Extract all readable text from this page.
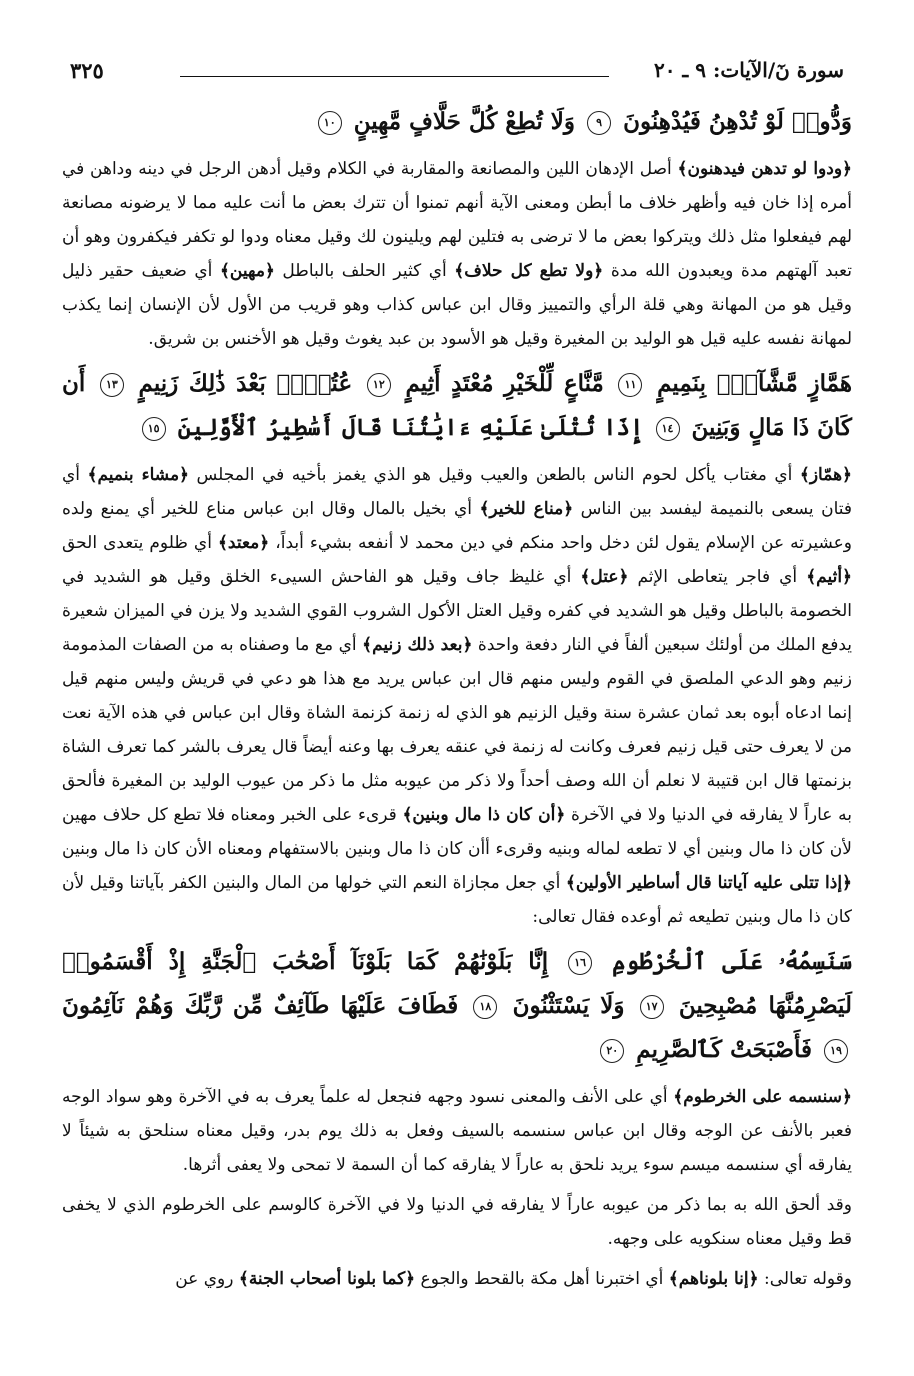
سورة نٓ/الآيات: ٩ ـ ٢٠
٣٢٥

وَدُّوا۟ لَوْ تُدْهِنُ فَيُدْهِنُونَ ٩ وَلَا تُطِعْ كُلَّ حَلَّافٍ مَّهِينٍ ١٠

﴿ودوا لو تدهن فيدهنون﴾ أصل الإدهان اللين والمصانعة والمقاربة في الكلام وقيل أدهن الرجل في دينه وداهن في أمره إذا خان فيه وأظهر خلاف ما أبطن ومعنى الآية أنهم تمنوا أن تترك بعض ما أنت عليه مما لا يرضونه مصانعة لهم فيفعلوا مثل ذلك ويتركوا بعض ما لا ترضى به فتلين لهم ويلينون لك وقيل معناه ودوا لو تكفر فيكفرون وهو أن تعبد آلهتهم مدة ويعبدون الله مدة ﴿ولا تطع كل حلاف﴾ أي كثير الحلف بالباطل ﴿مهين﴾ أي ضعيف حقير ذليل وقيل هو من المهانة وهي قلة الرأي والتمييز وقال ابن عباس كذاب وهو قريب من الأول لأن الإنسان إنما يكذب لمهانة نفسه عليه قيل هو الوليد بن المغيرة وقيل هو الأسود بن عبد يغوث وقيل هو الأخنس بن شريق.

هَمَّازٍ مَّشَّآءٍۭ بِنَمِيمٍ ١١ مَّنَّاعٍ لِّلْخَيْرِ مُعْتَدٍ أَثِيمٍ ١٢ عُتُلٍّۭ بَعْدَ ذَٰلِكَ زَنِيمٍ ١٣ أَن كَانَ ذَا مَالٍ وَبَنِينَ ١٤ إِذَا تُتْلَىٰ عَلَيْهِ ءَايَٰتُنَا قَالَ أَسَٰطِيرُ ٱلْأَوَّلِينَ ١٥

﴿همّاز﴾ أي مغتاب يأكل لحوم الناس بالطعن والعيب وقيل هو الذي يغمز بأخيه في المجلس ﴿مشاء بنميم﴾ أي فتان يسعى بالنميمة ليفسد بين الناس ﴿مناع للخير﴾ أي بخيل بالمال وقال ابن عباس مناع للخير أي يمنع ولده وعشيرته عن الإسلام يقول لئن دخل واحد منكم في دين محمد لا أنفعه بشيء أبداً، ﴿معتد﴾ أي ظلوم يتعدى الحق ﴿أثيم﴾ أي فاجر يتعاطى الإثم ﴿عتل﴾ أي غليظ جاف وقيل هو الفاحش السيىء الخلق وقيل هو الشديد في الخصومة بالباطل وقيل هو الشديد في كفره وقيل العتل الأكول الشروب القوي الشديد ولا يزن في الميزان شعيرة يدفع الملك من أولئك سبعين ألفاً في النار دفعة واحدة ﴿بعد ذلك زنيم﴾ أي مع ما وصفناه به من الصفات المذمومة زنيم وهو الدعي الملصق في القوم وليس منهم قال ابن عباس يريد مع هذا هو دعي في قريش وليس منهم قيل إنما ادعاه أبوه بعد ثمان عشرة سنة وقيل الزنيم هو الذي له زنمة كزنمة الشاة وقال ابن عباس في هذه الآية نعت من لا يعرف حتى قيل زنيم فعرف وكانت له زنمة في عنقه يعرف بها وعنه أيضاً قال يعرف بالشر كما تعرف الشاة بزنمتها قال ابن قتيبة لا نعلم أن الله وصف أحداً ولا ذكر من عيوبه مثل ما ذكر من عيوب الوليد بن المغيرة فألحق به عاراً لا يفارقه في الدنيا ولا في الآخرة ﴿أن كان ذا مال وبنين﴾ قرىء على الخبر ومعناه فلا تطع كل حلاف مهين لأن كان ذا مال وبنين أي لا تطعه لماله وبنيه وقرىء أأن كان ذا مال وبنين بالاستفهام ومعناه الأن كان ذا مال وبنين ﴿إذا تتلى عليه آياتنا قال أساطير الأولين﴾ أي جعل مجازاة النعم التي خولها من المال والبنين الكفر بآياتنا وقيل لأن كان ذا مال وبنين تطيعه ثم أوعده فقال تعالى:

سَنَسِمُهُۥ عَلَى ٱلْخُرْطُومِ ١٦ إِنَّا بَلَوْنَٰهُمْ كَمَا بَلَوْنَآ أَصْحَٰبَ ٱلْجَنَّةِ إِذْ أَقْسَمُوا۟ لَيَصْرِمُنَّهَا مُصْبِحِينَ ١٧ وَلَا يَسْتَثْنُونَ ١٨ فَطَافَ عَلَيْهَا طَآئِفٌ مِّن رَّبِّكَ وَهُمْ نَآئِمُونَ ١٩ فَأَصْبَحَتْ كَٱلصَّرِيمِ ٢٠

﴿سنسمه على الخرطوم﴾ أي على الأنف والمعنى نسود وجهه فنجعل له علماً يعرف به في الآخرة وهو سواد الوجه فعبر بالأنف عن الوجه وقال ابن عباس سنسمه بالسيف وفعل به ذلك يوم بدر، وقيل معناه سنلحق به شيئاً لا يفارقه أي سنسمه ميسم سوء يريد نلحق به عاراً لا يفارقه كما أن السمة لا تمحى ولا يعفى أثرها.

وقد ألحق الله به بما ذكر من عيوبه عاراً لا يفارقه في الدنيا ولا في الآخرة كالوسم على الخرطوم الذي لا يخفى قط وقيل معناه سنكويه على وجهه.

وقوله تعالى: ﴿إنا بلوناهم﴾ أي اختبرنا أهل مكة بالقحط والجوع ﴿كما بلونا أصحاب الجنة﴾ روي عن
